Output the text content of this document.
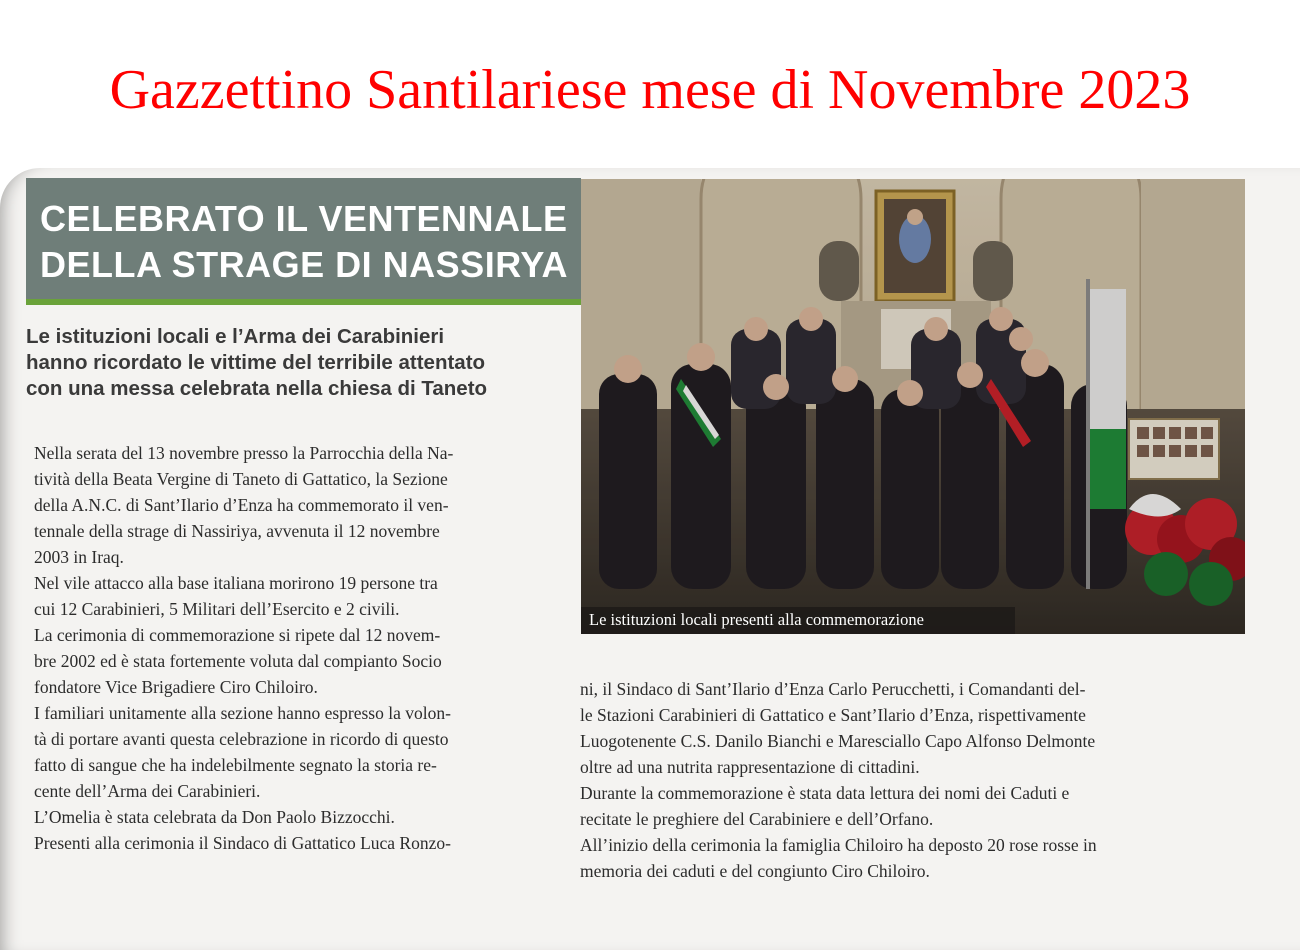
Gazzettino Santilariese mese di Novembre 2023
CELEBRATO IL VENTENNALE
DELLA STRAGE DI NASSIRYA
Le istituzioni locali e l’Arma dei Carabinieri
hanno ricordato le vittime del terribile attentato
con una messa celebrata nella chiesa di Taneto
Nella serata del 13 novembre presso la Parrocchia della Na-
tività della Beata Vergine di Taneto di Gattatico, la Sezione
della A.N.C. di Sant’Ilario d’Enza ha commemorato il ven-
tennale della strage di Nassiriya, avvenuta il 12 novembre
2003 in Iraq.
Nel vile attacco alla base italiana morirono 19 persone tra
cui 12 Carabinieri, 5 Militari dell’Esercito e 2 civili.
La cerimonia di commemorazione si ripete dal 12 novem-
bre 2002 ed è stata fortemente voluta dal compianto Socio
fondatore Vice Brigadiere Ciro Chiloiro.
I familiari unitamente alla sezione hanno espresso la volon-
tà di portare avanti questa celebrazione in ricordo di questo
fatto di sangue che ha indelebilmente segnato la storia re-
cente dell’Arma dei Carabinieri.
L’Omelia è stata celebrata da Don Paolo Bizzocchi.
Presenti alla cerimonia il Sindaco di Gattatico Luca Ronzo-
Le istituzioni locali presenti alla commemorazione
ni, il Sindaco di Sant’Ilario d’Enza Carlo Perucchetti, i Comandanti del-
le Stazioni Carabinieri di Gattatico e Sant’Ilario d’Enza, rispettivamente
Luogotenente C.S. Danilo Bianchi e Maresciallo Capo Alfonso Delmonte
oltre ad una nutrita rappresentazione di cittadini.
Durante la commemorazione è stata data lettura dei nomi dei Caduti e
recitate le preghiere del Carabiniere e dell’Orfano.
All’inizio della cerimonia la famiglia Chiloiro ha deposto 20 rose rosse in
memoria dei caduti e del congiunto Ciro Chiloiro.
